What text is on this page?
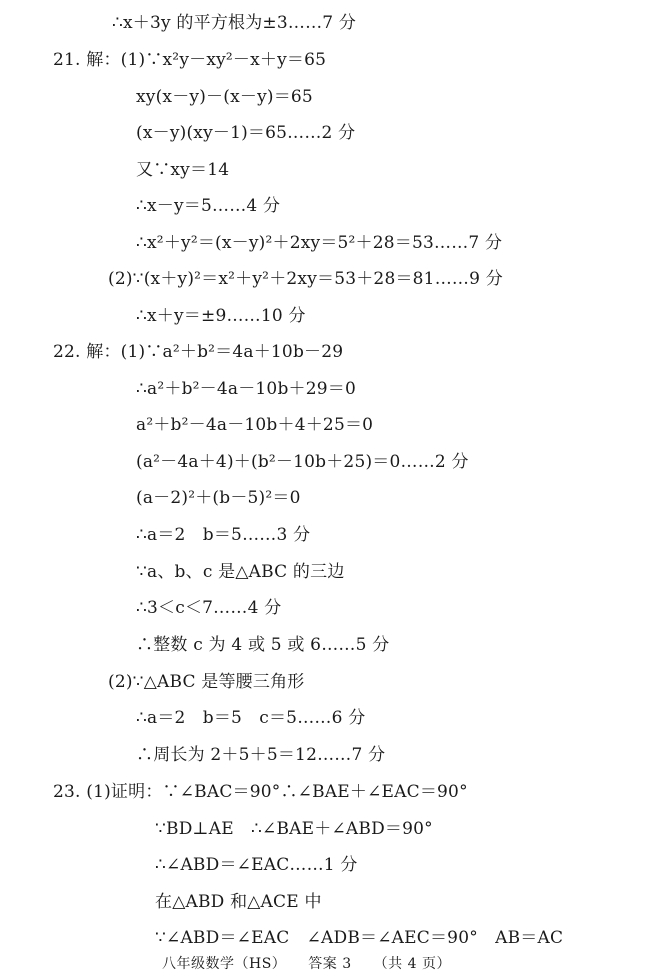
∴x＋3y 的平方根为±3……7 分
21. 解：(1)∵x²y－xy²－x＋y＝65
xy(x－y)－(x－y)＝65
(x－y)(xy－1)＝65……2 分
又∵xy＝14
∴x－y＝5……4 分
∴x²＋y²＝(x－y)²＋2xy＝5²＋28＝53……7 分
(2)∵(x＋y)²＝x²＋y²＋2xy＝53＋28＝81……9 分
∴x＋y＝±9……10 分
22. 解：(1)∵a²＋b²＝4a＋10b－29
∴a²＋b²－4a－10b＋29＝0
a²＋b²－4a－10b＋4＋25＝0
(a²－4a＋4)＋(b²－10b＋25)＝0……2 分
(a－2)²＋(b－5)²＝0
∴a＝2　b＝5……3 分
∵a、b、c 是△ABC 的三边
∴3＜c＜7……4 分
∴整数 c 为 4 或 5 或 6……5 分
(2)∵△ABC 是等腰三角形
∴a＝2　b＝5　c＝5……6 分
∴周长为 2＋5＋5＝12……7 分
23. (1)证明：∵∠BAC＝90°∴∠BAE＋∠EAC＝90°
∵BD⊥AE　∴∠BAE＋∠ABD＝90°
∴∠ABD＝∠EAC……1 分
在△ABD 和△ACE 中
∵∠ABD＝∠EAC　∠ADB＝∠AEC＝90°　AB＝AC
八年级数学（HS）　　答案 3　　（共 4 页）
